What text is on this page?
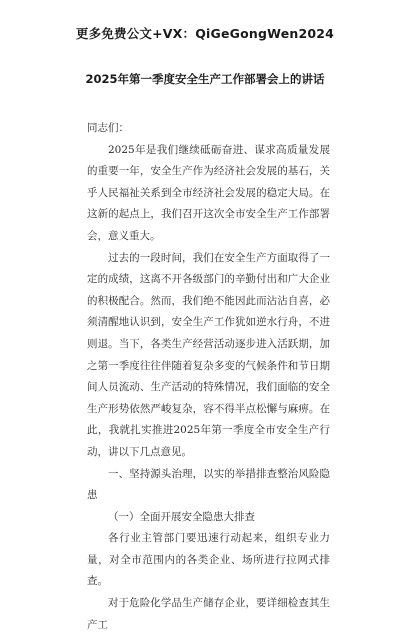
更多免费公文+VX：QiGeGongWen2024
2025年第一季度安全生产工作部署会上的讲话

同志们：

2025年是我们继续砥砺奋进、谋求高质量发展的重要一年，安全生产作为经济社会发展的基石，关乎人民福祉关系到全市经济社会发展的稳定大局。在这新的起点上，我们召开这次全市安全生产工作部署会，意义重大。

过去的一段时间，我们在安全生产方面取得了一定的成绩，这离不开各级部门的辛勤付出和广大企业的积极配合。然而，我们绝不能因此而沾沾自喜，必须清醒地认识到，安全生产工作犹如逆水行舟，不进则退。当下，各类生产经营活动逐步进入活跃期，加之第一季度往往伴随着复杂多变的气候条件和节日期间人员流动、生产活动的特殊情况，我们面临的安全生产形势依然严峻复杂，容不得半点松懈与麻痹。在此，我就扎实推进2025年第一季度全市安全生产行动，讲以下几点意见。

一、坚持源头治理，以实的举措排查整治风险隐患

（一）全面开展安全隐患大排查

各行业主管部门要迅速行动起来，组织专业力量，对全市范围内的各类企业、场所进行拉网式排查。

对于危险化学品生产储存企业，要详细检查其生产工
